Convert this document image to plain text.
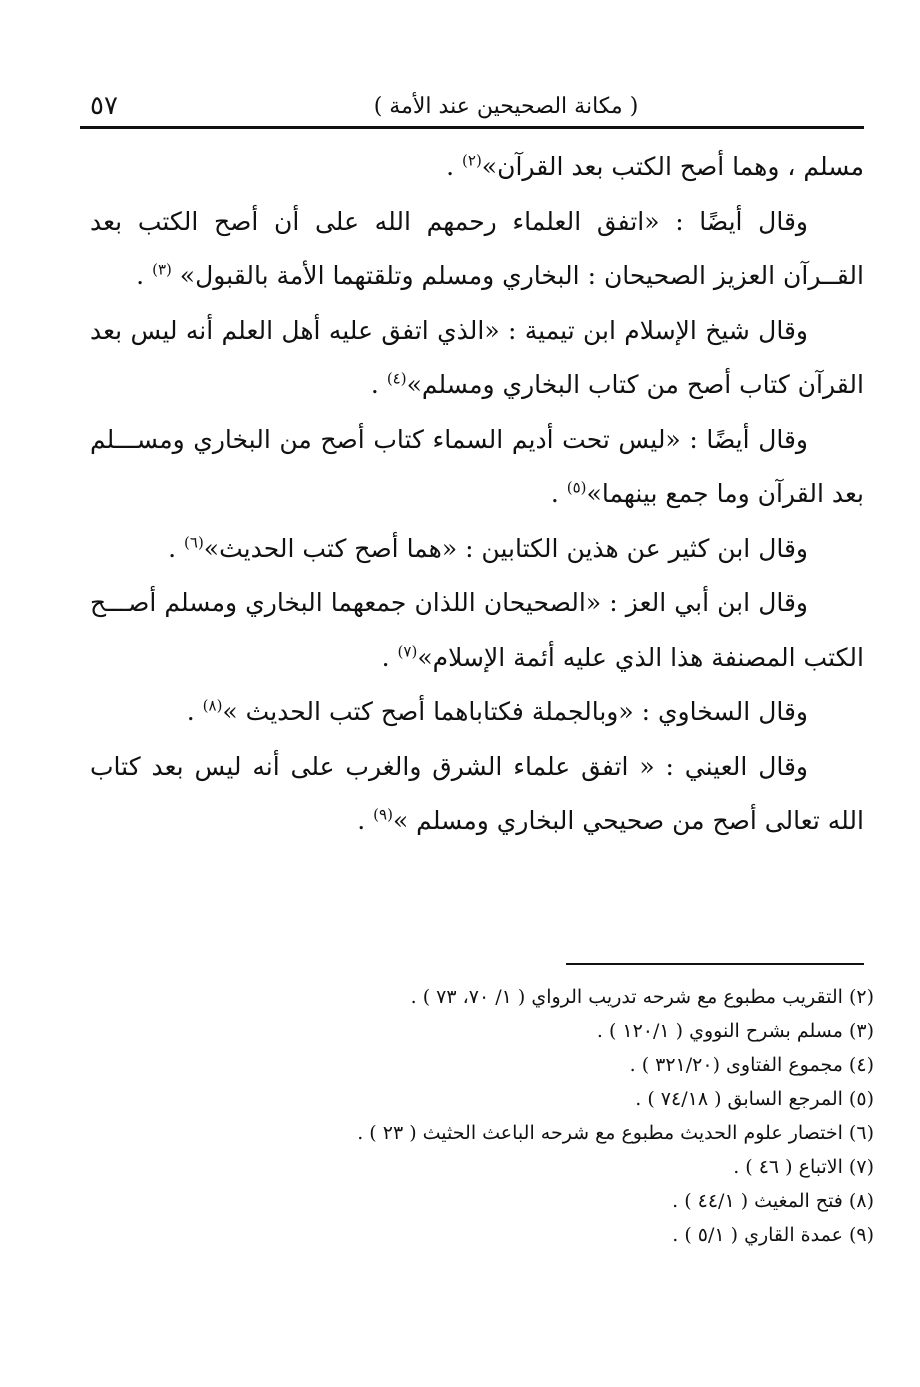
٥٧	( مكانة الصحيحين عند الأمة )

مسلم ، وهما أصح الكتب بعد القرآن»$^{(٢)}$ .

وقال أيضًا : «اتفق العلماء رحمهم الله على أن أصح الكتب بعد القــرآن العزيز الصحيحان : البخاري ومسلم وتلقتهما الأمة بالقبول» $^{(٣)}$ .

وقال شيخ الإسلام ابن تيمية : «الذي اتفق عليه أهل العلم أنه ليس بعد القرآن كتاب أصح من كتاب البخاري ومسلم»$^{(٤)}$ .

وقال أيضًا : «ليس تحت أديم السماء كتاب أصح من البخاري ومســـلم بعد القرآن وما جمع بينهما»$^{(٥)}$ .

وقال ابن كثير عن هذين الكتابين : «هما أصح كتب الحديث»$^{(٦)}$ .

وقال ابن أبي العز : «الصحيحان اللذان جمعهما البخاري ومسلم أصـــح الكتب المصنفة هذا الذي عليه أئمة الإسلام»$^{(٧)}$ .

وقال السخاوي : «وبالجملة فكتاباهما أصح كتب الحديث »$^{(٨)}$ .

وقال العيني : « اتفق علماء الشرق والغرب على أنه ليس بعد كتاب الله تعالى أصح من صحيحي البخاري ومسلم »$^{(٩)}$ .

(٢) التقريب مطبوع مع شرحه تدريب الرواي ( ١/ ٧٠، ٧٣ ) .

(٣) مسلم بشرح النووي ( ١٢٠/١ ) .

(٤) مجموع الفتاوى (٣٢١/٢٠ ) .

(٥) المرجع السابق ( ٧٤/١٨ ) .

(٦) اختصار علوم الحديث مطبوع مع شرحه الباعث الحثيث ( ٢٣ ) .

(٧) الاتباع ( ٤٦ ) .

(٨) فتح المغيث ( ٤٤/١ ) .

(٩) عمدة القاري ( ٥/١ ) .
